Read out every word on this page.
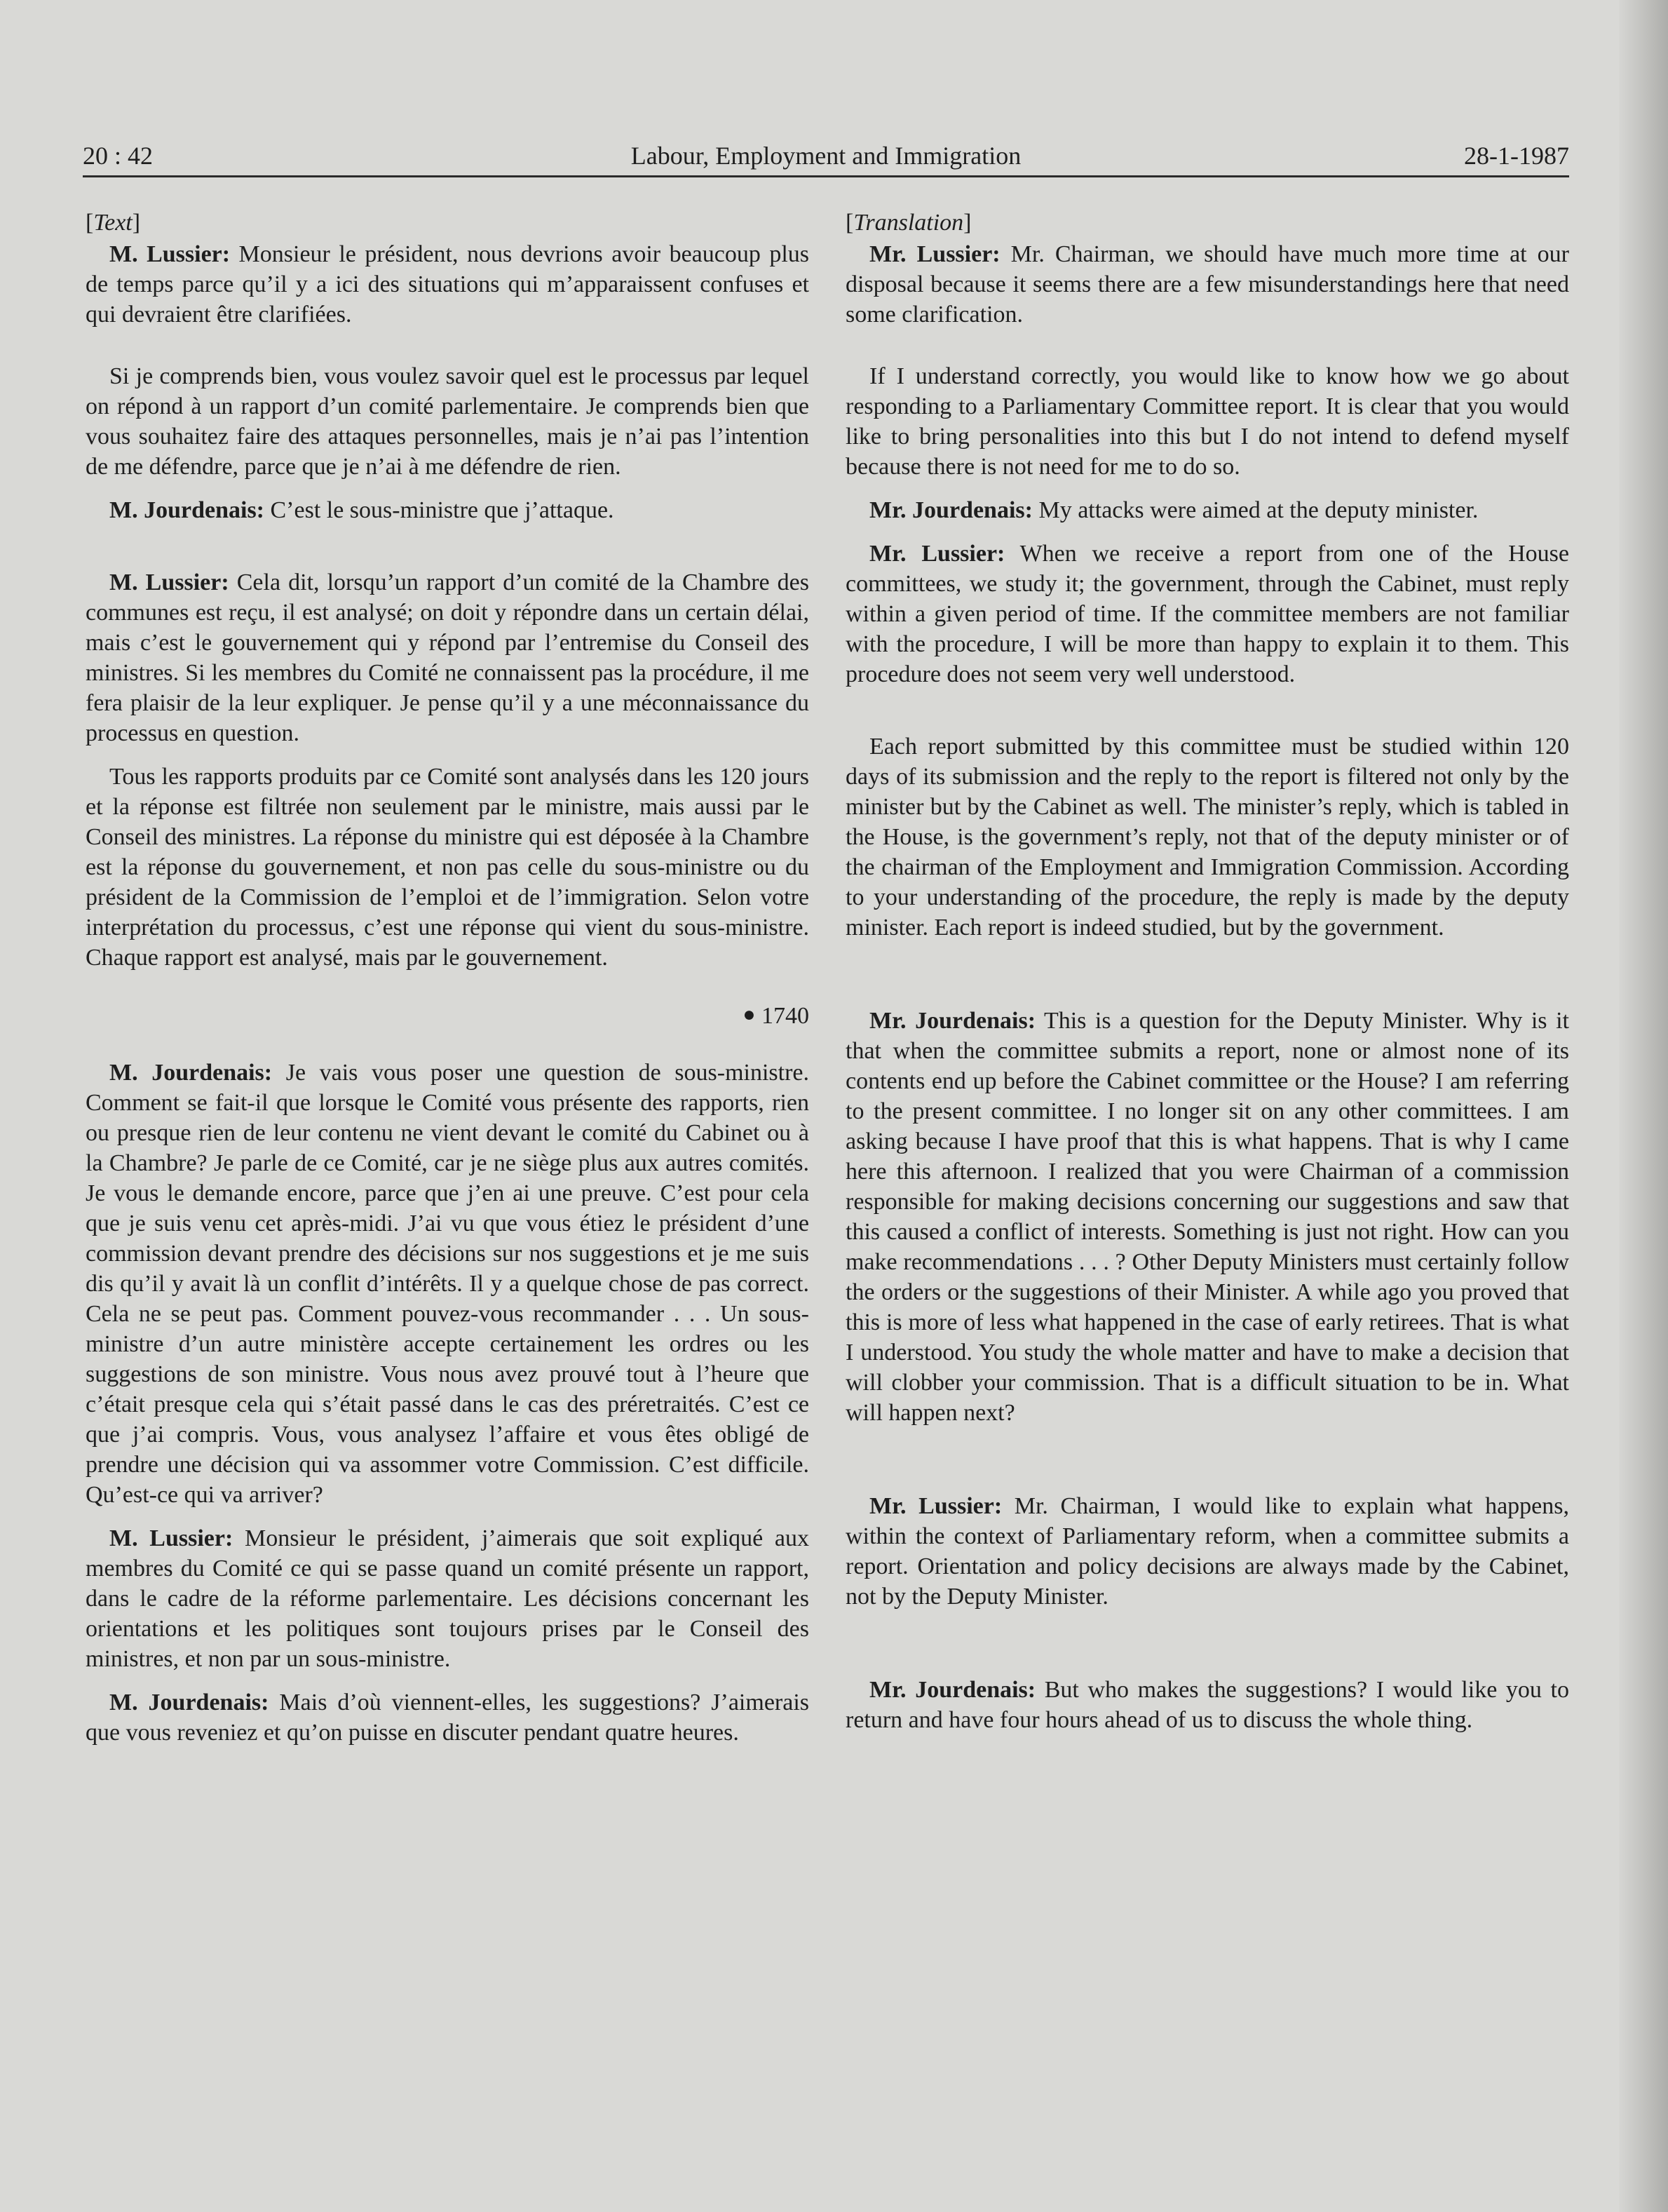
20 : 42	Labour, Employment and Immigration	28-1-1987
[Text]

M. Lussier: Monsieur le président, nous devrions avoir beaucoup plus de temps parce qu’il y a ici des situations qui m’apparaissent confuses et qui devraient être clarifiées.

Si je comprends bien, vous voulez savoir quel est le processus par lequel on répond à un rapport d’un comité parlementaire. Je comprends bien que vous souhaitez faire des attaques personnelles, mais je n’ai pas l’intention de me défendre, parce que je n’ai à me défendre de rien.

M. Jourdenais: C’est le sous-ministre que j’attaque.

M. Lussier: Cela dit, lorsqu’un rapport d’un comité de la Chambre des communes est reçu, il est analysé; on doit y répondre dans un certain délai, mais c’est le gouvernement qui y répond par l’entremise du Conseil des ministres. Si les membres du Comité ne connaissent pas la procédure, il me fera plaisir de la leur expliquer. Je pense qu’il y a une méconnaissance du processus en question.

Tous les rapports produits par ce Comité sont analysés dans les 120 jours et la réponse est filtrée non seulement par le ministre, mais aussi par le Conseil des ministres. La réponse du ministre qui est déposée à la Chambre est la réponse du gouvernement, et non pas celle du sous-ministre ou du président de la Commission de l’emploi et de l’immigration. Selon votre interprétation du processus, c’est une réponse qui vient du sous-ministre. Chaque rapport est analysé, mais par le gouvernement.

● 1740

M. Jourdenais: Je vais vous poser une question de sous-ministre. Comment se fait-il que lorsque le Comité vous présente des rapports, rien ou presque rien de leur contenu ne vient devant le comité du Cabinet ou à la Chambre? Je parle de ce Comité, car je ne siège plus aux autres comités. Je vous le demande encore, parce que j’en ai une preuve. C’est pour cela que je suis venu cet après-midi. J’ai vu que vous étiez le président d’une commission devant prendre des décisions sur nos suggestions et je me suis dis qu’il y avait là un conflit d’intérêts. Il y a quelque chose de pas correct. Cela ne se peut pas. Comment pouvez-vous recommander . . . Un sous-ministre d’un autre ministère accepte certainement les ordres ou les suggestions de son ministre. Vous nous avez prouvé tout à l’heure que c’était presque cela qui s’était passé dans le cas des préretraités. C’est ce que j’ai compris. Vous, vous analysez l’affaire et vous êtes obligé de prendre une décision qui va assommer votre Commission. C’est difficile. Qu’est-ce qui va arriver?

M. Lussier: Monsieur le président, j’aimerais que soit expliqué aux membres du Comité ce qui se passe quand un comité présente un rapport, dans le cadre de la réforme parlementaire. Les décisions concernant les orientations et les politiques sont toujours prises par le Conseil des ministres, et non par un sous-ministre.

M. Jourdenais: Mais d’où viennent-elles, les suggestions? J’aimerais que vous reveniez et qu’on puisse en discuter pendant quatre heures.

[Translation]

Mr. Lussier: Mr. Chairman, we should have much more time at our disposal because it seems there are a few misunderstandings here that need some clarification.

If I understand correctly, you would like to know how we go about responding to a Parliamentary Committee report. It is clear that you would like to bring personalities into this but I do not intend to defend myself because there is not need for me to do so.

Mr. Jourdenais: My attacks were aimed at the deputy minister.

Mr. Lussier: When we receive a report from one of the House committees, we study it; the government, through the Cabinet, must reply within a given period of time. If the committee members are not familiar with the procedure, I will be more than happy to explain it to them. This procedure does not seem very well understood.

Each report submitted by this committee must be studied within 120 days of its submission and the reply to the report is filtered not only by the minister but by the Cabinet as well. The minister’s reply, which is tabled in the House, is the government’s reply, not that of the deputy minister or of the chairman of the Employment and Immigration Commission. According to your understanding of the procedure, the reply is made by the deputy minister. Each report is indeed studied, but by the government.

Mr. Jourdenais: This is a question for the Deputy Minister. Why is it that when the committee submits a report, none or almost none of its contents end up before the Cabinet committee or the House? I am referring to the present committee. I no longer sit on any other committees. I am asking because I have proof that this is what happens. That is why I came here this afternoon. I realized that you were Chairman of a commission responsible for making decisions concerning our suggestions and saw that this caused a conflict of interests. Something is just not right. How can you make recommendations . . . ? Other Deputy Ministers must certainly follow the orders or the suggestions of their Minister. A while ago you proved that this is more of less what happened in the case of early retirees. That is what I understood. You study the whole matter and have to make a decision that will clobber your commission. That is a difficult situation to be in. What will happen next?

Mr. Lussier: Mr. Chairman, I would like to explain what happens, within the context of Parliamentary reform, when a committee submits a report. Orientation and policy decisions are always made by the Cabinet, not by the Deputy Minister.

Mr. Jourdenais: But who makes the suggestions? I would like you to return and have four hours ahead of us to discuss the whole thing.
